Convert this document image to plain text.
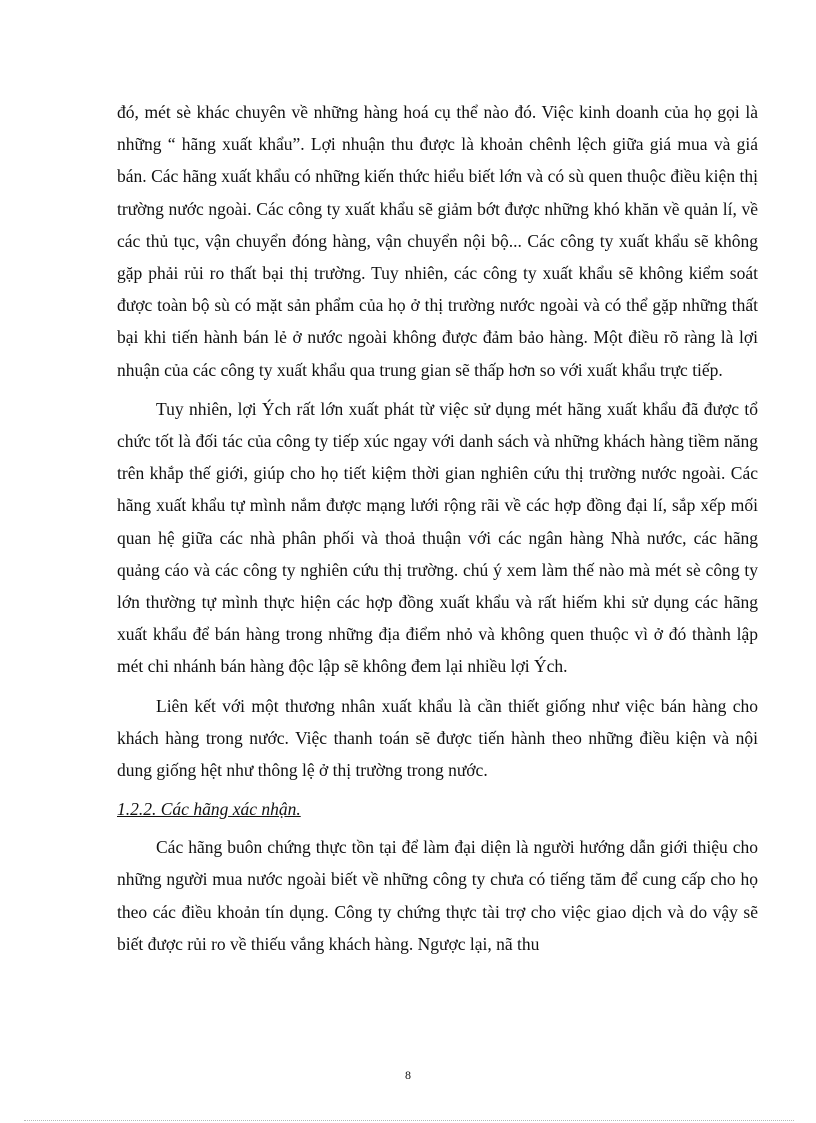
đó, mét sè khác chuyên về những hàng hoá cụ thể nào đó. Việc kinh doanh của họ gọi là những “ hãng xuất khẩu”. Lợi nhuận thu được là khoản chênh lệch giữa giá mua và giá bán. Các hãng xuất khẩu có những kiến thức hiểu biết lớn và có sù quen thuộc điều kiện thị trường nước ngoài. Các công ty xuất khẩu sẽ giảm bớt được những khó khăn về quản lí, về các thủ tục, vận chuyển đóng hàng, vận chuyển nội bộ... Các công ty xuất khẩu sẽ không gặp phải rủi ro thất bại thị trường. Tuy nhiên, các công ty xuất khẩu sẽ không kiểm soát được toàn bộ sù có mặt sản phẩm của họ ở thị trường nước ngoài và có thể gặp những thất bại khi tiến hành bán lẻ ở nước ngoài không được đảm bảo hàng. Một điều rõ ràng là lợi nhuận của các công ty xuất khẩu qua trung gian sẽ thấp hơn so với xuất khẩu trực tiếp.

Tuy nhiên, lợi Ých rất lớn xuất phát từ việc sử dụng mét hãng xuất khẩu đã được tổ chức tốt là đối tác của công ty tiếp xúc ngay với danh sách và những khách hàng tiềm năng trên khắp thế giới, giúp cho họ tiết kiệm thời gian nghiên cứu thị trường nước ngoài. Các hãng xuất khẩu tự mình nắm được mạng lưới rộng rãi về các hợp đồng đại lí, sắp xếp mối quan hệ giữa các nhà phân phối và thoả thuận với các ngân hàng Nhà nước, các hãng quảng cáo và các công ty nghiên cứu thị trường. chú ý xem làm thế nào mà mét sè công ty lớn thường tự mình thực hiện các hợp đồng xuất khẩu và rất hiếm khi sử dụng các hãng xuất khẩu để bán hàng trong những địa điểm nhỏ và không quen thuộc vì ở đó thành lập mét chi nhánh bán hàng độc lập sẽ không đem lại nhiều lợi Ých.

Liên kết với một thương nhân xuất khẩu là cần thiết giống như việc bán hàng cho khách hàng trong nước. Việc thanh toán sẽ được tiến hành theo những điều kiện và nội dung giống hệt như thông lệ ở thị trường trong nước.

1.2.2. Các hãng xác nhận.

Các hãng buôn chứng thực tồn tại để làm đại diện là người hướng dẫn giới thiệu cho những người mua nước ngoài biết về những công ty chưa có tiếng tăm để cung cấp cho họ theo các điều khoản tín dụng. Công ty chứng thực tài trợ cho việc giao dịch và do vậy sẽ biết được rủi ro về thiếu vắng khách hàng. Ngược lại, nã thu

8
